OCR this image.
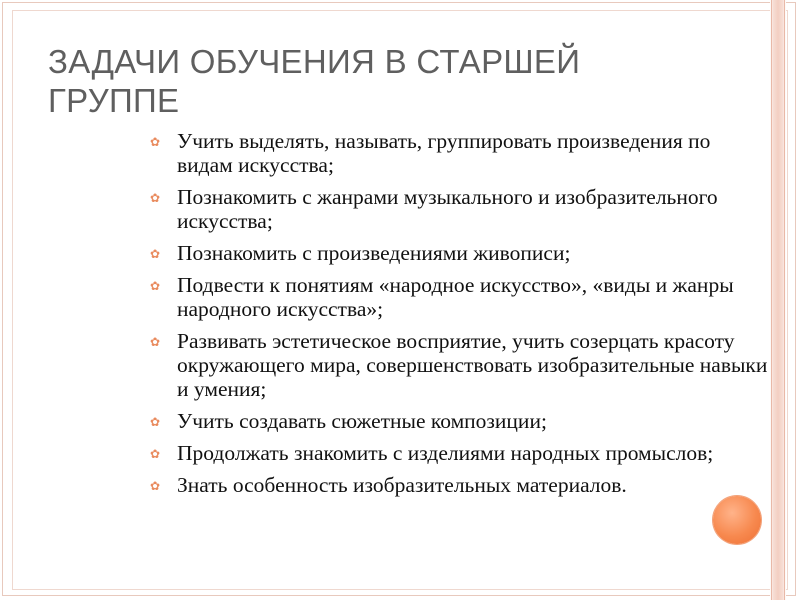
ЗАДАЧИ ОБУЧЕНИЯ В СТАРШЕЙ ГРУППЕ
✿ Учить выделять, называть, группировать произведения по видам искусства;
✿ Познакомить с жанрами музыкального и изобразительного искусства;
✿ Познакомить с произведениями живописи;
✿ Подвести к понятиям «народное искусство», «виды и жанры народного искусства»;
✿ Развивать эстетическое восприятие, учить созерцать красоту окружающего мира, совершенствовать изобразительные навыки и умения;
✿ Учить создавать сюжетные композиции;
✿ Продолжать знакомить с изделиями народных промыслов;
✿ Знать особенность изобразительных материалов.
